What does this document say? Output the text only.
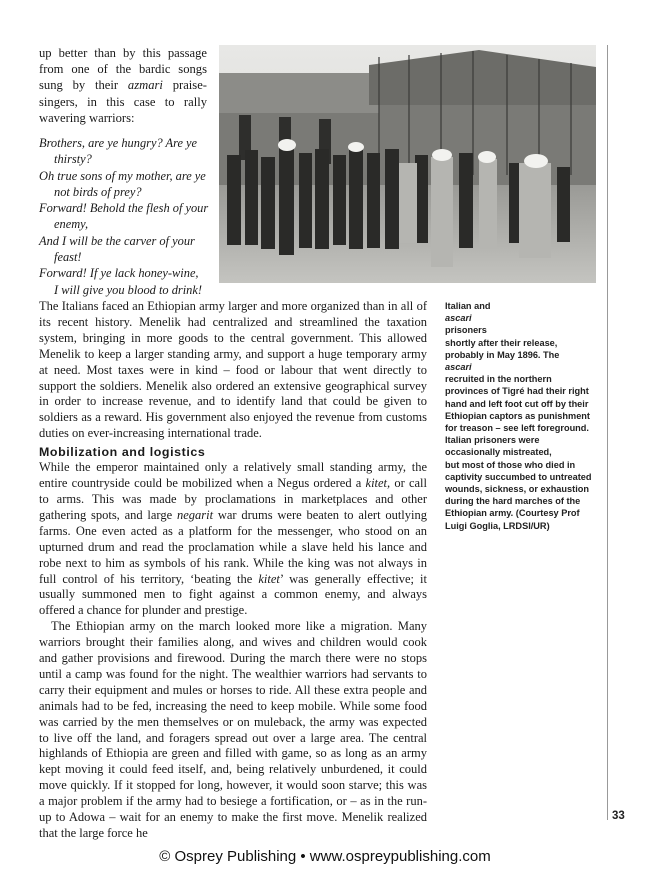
up better than by this passage from one of the bardic songs sung by their azmari praise-singers, in this case to rally wavering warriors:

Brothers, are ye hungry? Are ye
thirsty?
Oh true sons of my mother, are ye
not birds of prey?
Forward! Behold the flesh of your
enemy,
And I will be the carver of your
feast!
Forward! If ye lack honey-wine,
I will give you blood to drink!

The Italians faced an Ethiopian army larger and more organized than in all of its recent history. Menelik had centralized and streamlined the taxation system, bringing in more goods to the central government. This allowed Menelik to keep a larger standing army, and support a huge temporary army at need. Most taxes were in kind – food or labour that went directly to support the soldiers. Menelik also ordered an extensive geographical survey in order to increase revenue, and to identify land that could be given to soldiers as a reward. His government also enjoyed the revenue from customs duties on ever-increasing international trade.

Mobilization and logistics

While the emperor maintained only a relatively small standing army, the entire countryside could be mobilized when a Negus ordered a kitet, or call to arms. This was made by proclamations in marketplaces and other gathering spots, and large negarit war drums were beaten to alert outlying farms. One even acted as a platform for the messenger, who stood on an upturned drum and read the proclamation while a slave held his lance and robe next to him as symbols of his rank. While the king was not always in full control of his territory, ‘beating the kitet’ was generally effective; it usually summoned men to fight against a common enemy, and always offered a chance for plunder and prestige.

The Ethiopian army on the march looked more like a migration. Many warriors brought their families along, and wives and children would cook and gather provisions and firewood. During the march there were no stops until a camp was found for the night. The wealthier warriors had servants to carry their equipment and mules or horses to ride. All these extra people and animals had to be fed, increasing the need to keep mobile. While some food was carried by the men themselves or on muleback, the army was expected to live off the land, and foragers spread out over a large area. The central highlands of Ethiopia are green and filled with game, so as long as an army kept moving it could feed itself, and, being relatively unburdened, it could move quickly. If it stopped for long, however, it would soon starve; this was a major problem if the army had to besiege a fortification, or – as in the run-up to Adowa – wait for an enemy to make the first move. Menelik realized that the large force he

Italian and
ascari
prisoners
shortly after their release,
probably in May 1896. The
ascari
recruited in the northern
provinces of Tigré had their right
hand and left foot cut off by their
Ethiopian captors as punishment
for treason – see left foreground.
Italian prisoners were
occasionally mistreated,
but most of those who died in
captivity succumbed to untreated
wounds, sickness, or exhaustion
during the hard marches of the
Ethiopian army. (Courtesy Prof
Luigi Goglia, LRDSI/UR)
33
© Osprey Publishing • www.ospreypublishing.com
